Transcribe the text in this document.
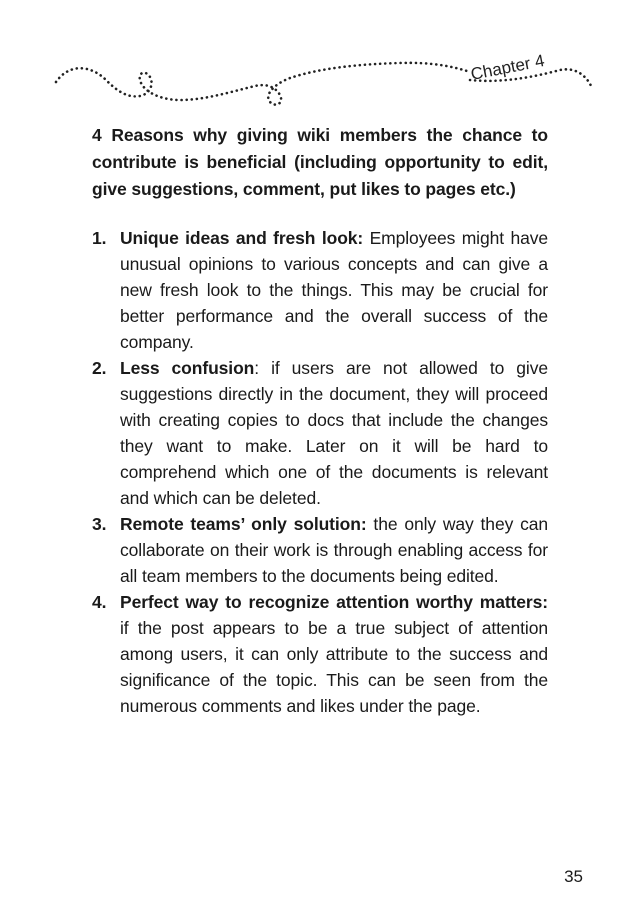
Chapter 4

4 Reasons why giving wiki members the chance to contribute is beneficial (including opportunity to edit, give suggestions, comment, put likes to pages etc.)

1. Unique ideas and fresh look: Employees might have unusual opinions to various concepts and can give a new fresh look to the things. This may be crucial for better performance and the overall success of the company.
2. Less confusion: if users are not allowed to give suggestions directly in the document, they will proceed with creating copies to docs that include the changes they want to make. Later on it will be hard to comprehend which one of the documents is relevant and which can be deleted.
3. Remote teams’ only solution: the only way they can collaborate on their work is through enabling access for all team members to the documents being edited.
4. Perfect way to recognize attention worthy matters: if the post appears to be a true subject of attention among users, it can only attribute to the success and significance of the topic. This can be seen from the numerous comments and likes under the page.
35
